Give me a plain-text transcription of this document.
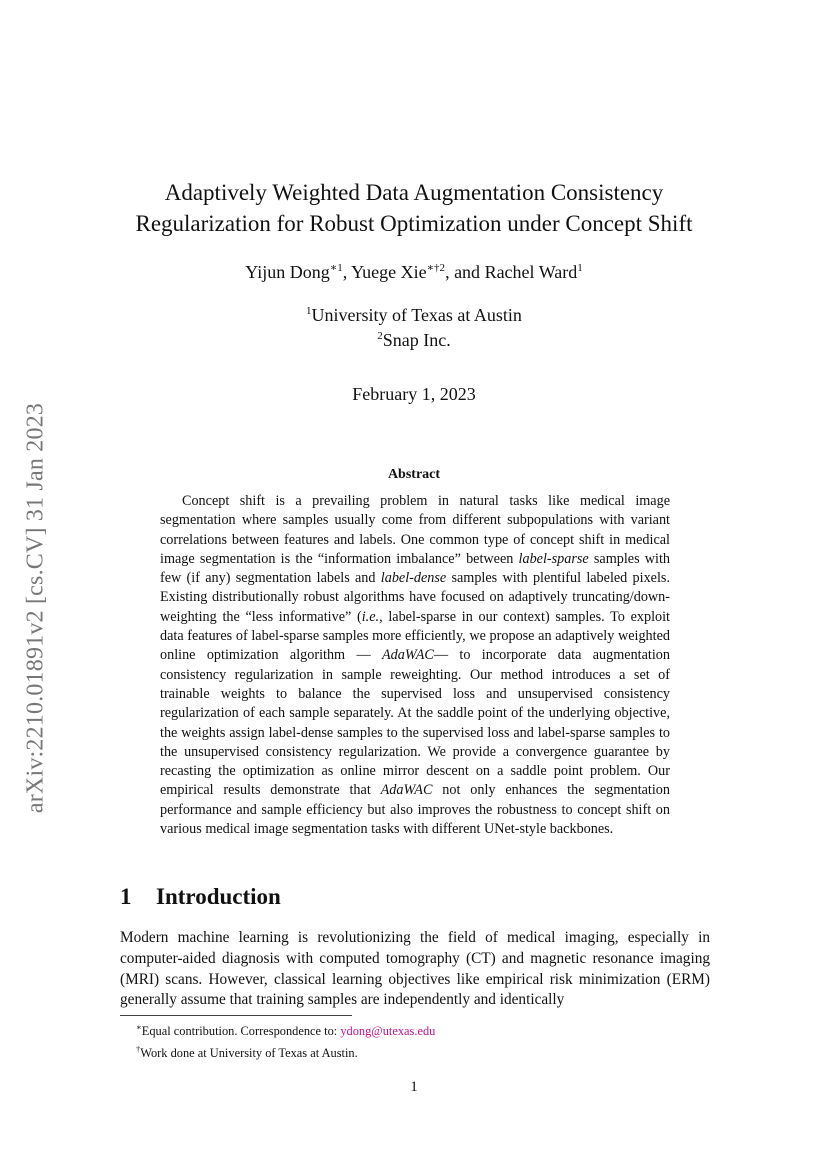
arXiv:2210.01891v2 [cs.CV] 31 Jan 2023
Adaptively Weighted Data Augmentation Consistency
Regularization for Robust Optimization under Concept Shift
Yijun Dong$^{∗1}$, Yuege Xie$^{∗\dagger 2}$, and Rachel Ward$^1$
$^1$University of Texas at Austin
$^2$Snap Inc.
February 1, 2023
Abstract

Concept shift is a prevailing problem in natural tasks like medical image segmentation where samples usually come from different subpopulations with variant correlations between features and labels. One common type of concept shift in medical image segmentation is the “information imbalance” between label-sparse samples with few (if any) segmentation labels and label-dense samples with plentiful labeled pixels. Existing distributionally robust algorithms have focused on adaptively truncating/down-weighting the “less informative” (i.e., label-sparse in our context) samples. To exploit data features of label-sparse samples more efficiently, we propose an adaptively weighted online optimization algorithm — AdaWAC— to incorporate data augmentation consistency regularization in sample reweighting. Our method introduces a set of trainable weights to balance the supervised loss and unsupervised consistency regularization of each sample separately. At the saddle point of the underlying objective, the weights assign label-dense samples to the supervised loss and label-sparse samples to the unsupervised consistency regularization. We provide a convergence guarantee by recasting the optimization as online mirror descent on a saddle point problem. Our empirical results demonstrate that AdaWAC not only enhances the segmentation performance and sample efficiency but also improves the robustness to concept shift on various medical image segmentation tasks with different UNet-style backbones.

1 Introduction

Modern machine learning is revolutionizing the field of medical imaging, especially in computer-aided diagnosis with computed tomography (CT) and magnetic resonance imaging (MRI) scans. However, classical learning objectives like empirical risk minimization (ERM) generally assume that training samples are independently and identically

∗Equal contribution. Correspondence to: ydong@utexas.edu
†Work done at University of Texas at Austin.
1
